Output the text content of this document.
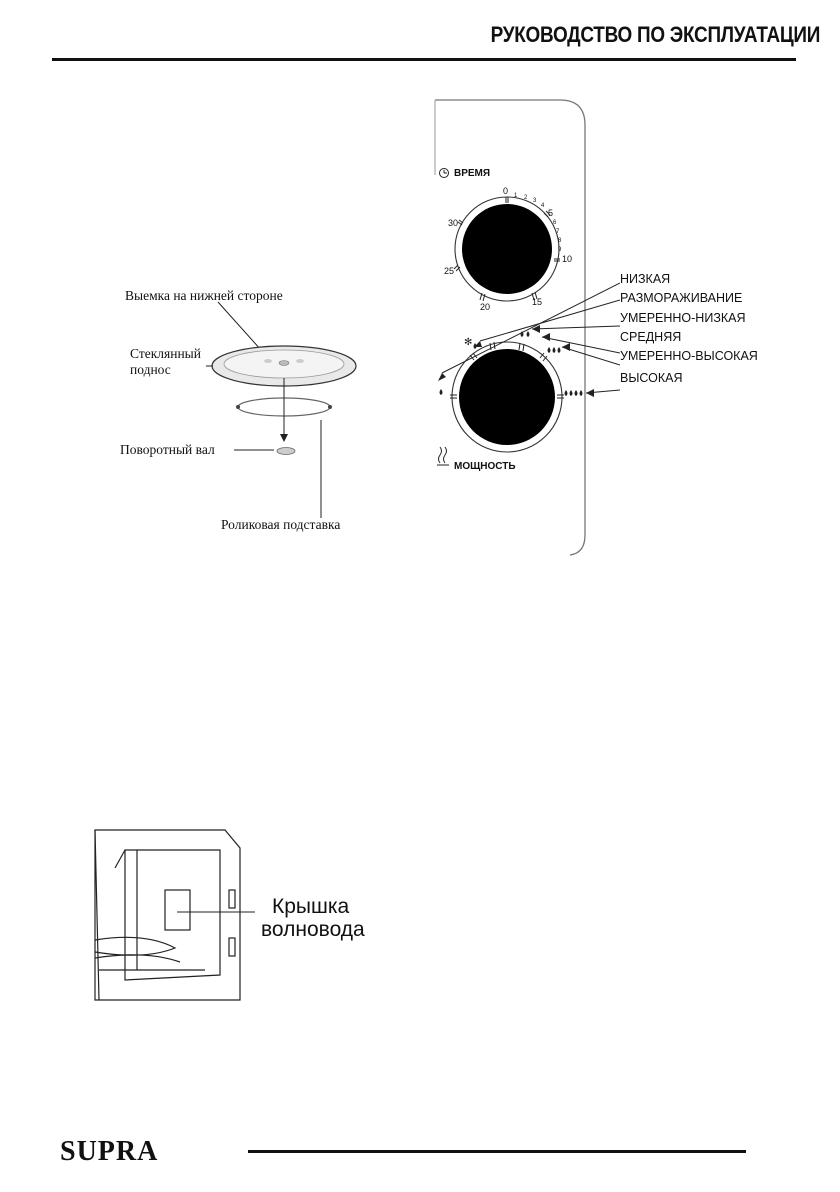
РУКОВОДСТВО ПО ЭКСПЛУАТАЦИИ
Выемка на нижней стороне
Стеклянный
поднос
Поворотный вал
Роликовая подставка
✻
ВРЕМЯ
МОЩНОСТЬ
0
5
10
15
20
25
30
1 2 3
4
6
7
8
9
НИЗКАЯ
РАЗМОРАЖИВАНИЕ
УМЕРЕННО-НИЗКАЯ
СРЕДНЯЯ
УМЕРЕННО-ВЫСОКАЯ
ВЫСОКАЯ
Крышка
волновода
SUPRA
